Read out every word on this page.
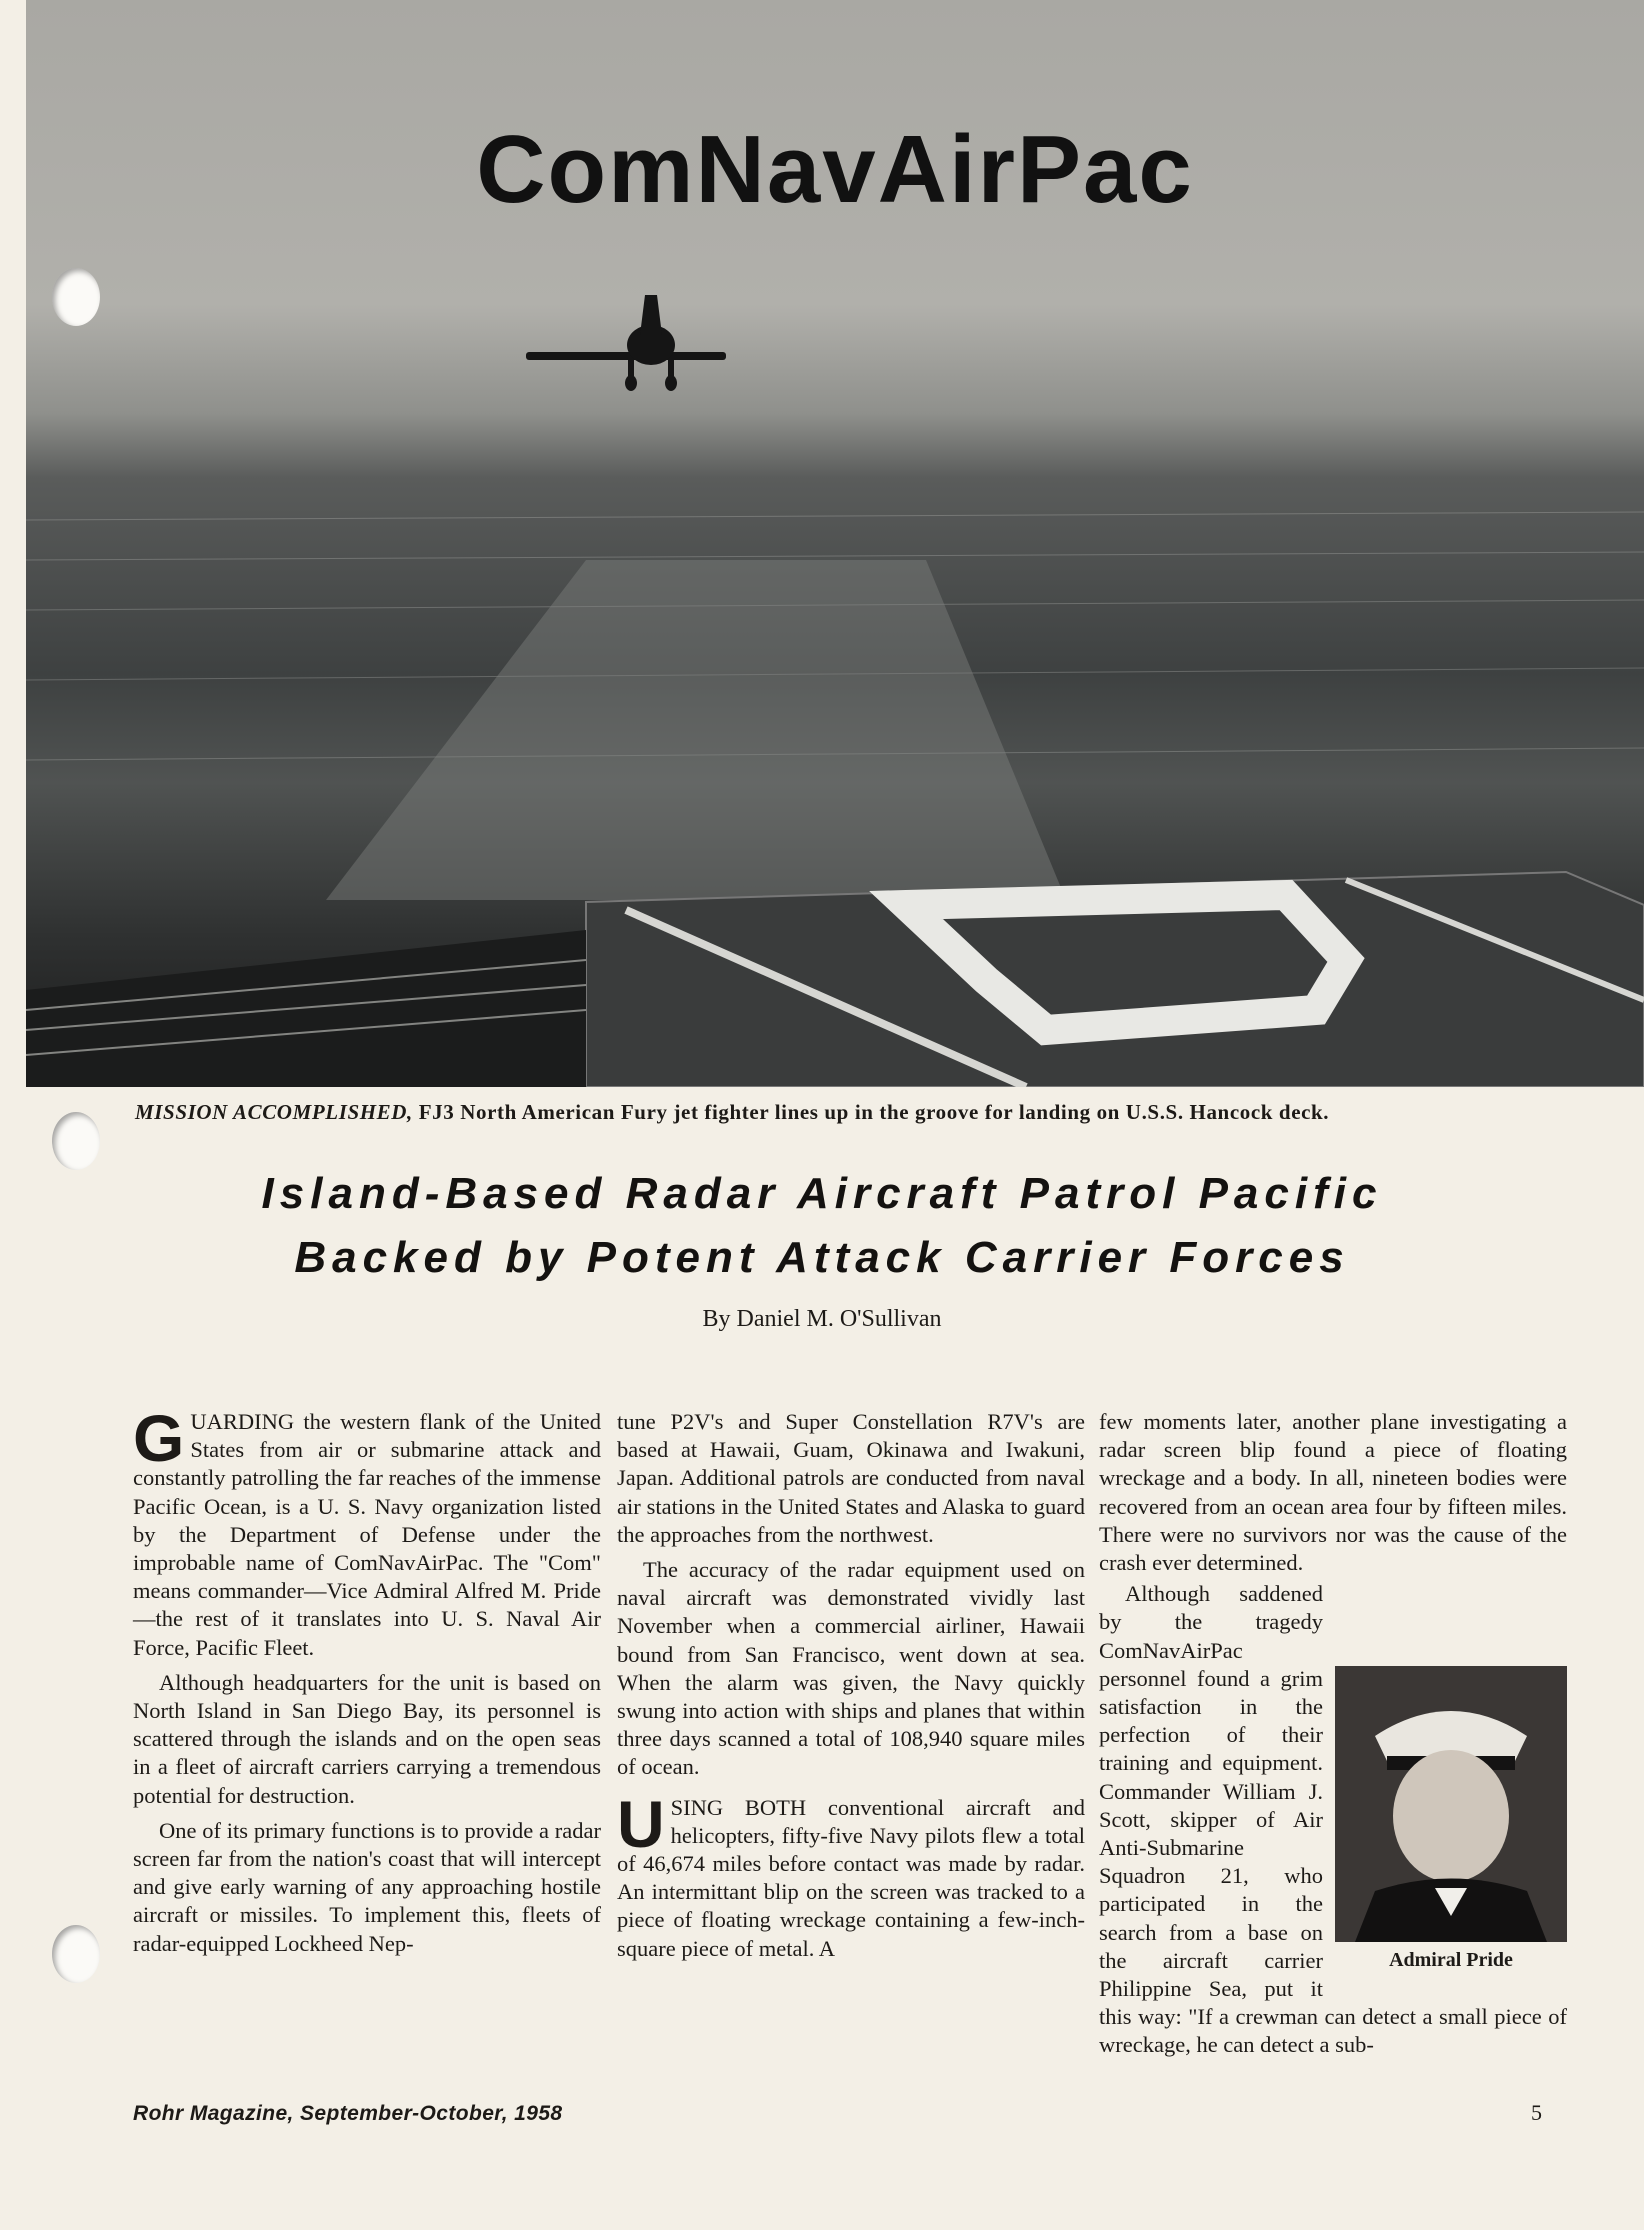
ComNavAirPac
MISSION ACCOMPLISHED, FJ3 North American Fury jet fighter lines up in the groove for landing on U.S.S. Hancock deck.
Island-Based Radar Aircraft Patrol Pacific
Backed by Potent Attack Carrier Forces
By Daniel M. O'Sullivan

GUARDING the western flank of the United States from air or submarine attack and constantly patrolling the far reaches of the immense Pacific Ocean, is a U. S. Navy organization listed by the Department of Defense under the improbable name of ComNavAirPac. The "Com" means commander—Vice Admiral Alfred M. Pride—the rest of it translates into U. S. Naval Air Force, Pacific Fleet.

Although headquarters for the unit is based on North Island in San Diego Bay, its personnel is scattered through the islands and on the open seas in a fleet of aircraft carriers carrying a tremendous potential for destruction.

One of its primary functions is to provide a radar screen far from the nation's coast that will intercept and give early warning of any approaching hostile aircraft or missiles. To implement this, fleets of radar-equipped Lockheed Nep-

tune P2V's and Super Constellation R7V's are based at Hawaii, Guam, Okinawa and Iwakuni, Japan. Additional patrols are conducted from naval air stations in the United States and Alaska to guard the approaches from the northwest.

The accuracy of the radar equipment used on naval aircraft was demonstrated vividly last November when a commercial airliner, Hawaii bound from San Francisco, went down at sea. When the alarm was given, the Navy quickly swung into action with ships and planes that within three days scanned a total of 108,940 square miles of ocean.

USING BOTH conventional aircraft and helicopters, fifty-five Navy pilots flew a total of 46,674 miles before contact was made by radar. An intermittant blip on the screen was tracked to a piece of floating wreckage containing a few-inch-square piece of metal. A

few moments later, another plane investigating a radar screen blip found a piece of floating wreckage and a body. In all, nineteen bodies were recovered from an ocean area four by fifteen miles. There were no survivors nor was the cause of the crash ever determined.

Admiral Pride

Although saddened by the tragedy ComNavAirPac personnel found a grim satisfaction in the perfection of their training and equipment. Commander William J. Scott, skipper of Air Anti-Submarine Squadron 21, who participated in the search from a base on the aircraft carrier Philippine Sea, put it this way: "If a crewman can detect a small piece of wreckage, he can detect a sub-

Rohr Magazine, September-October, 1958	5
